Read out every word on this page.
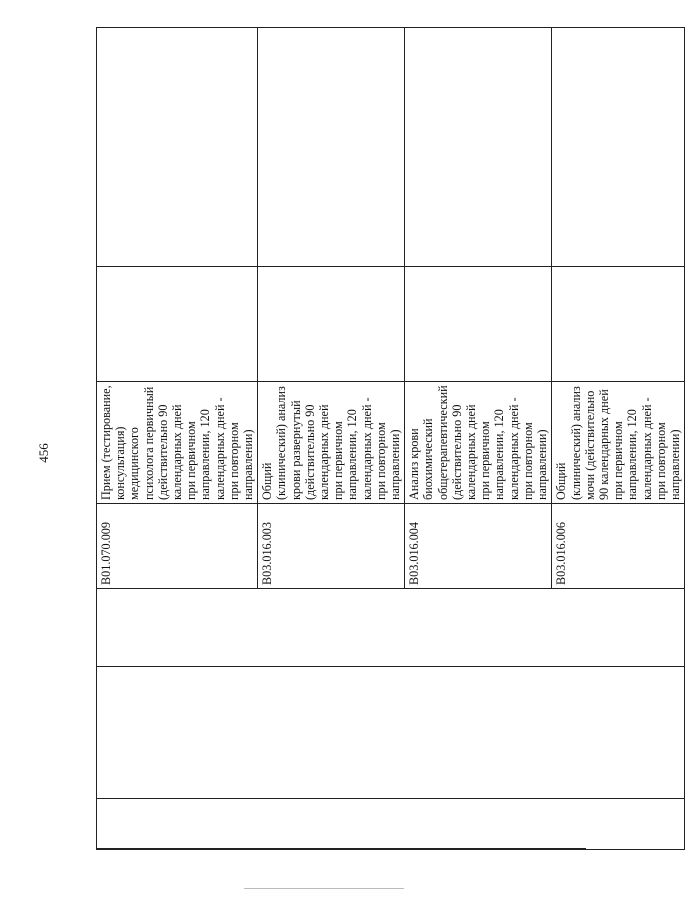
456

			B01.070.009	Прием (тестирование, консультация) медицинского психолога первичный (действительно 90 календарных дней при первичном направлении, 120 календарных дней - при повторном направлении)		

			B03.016.003	Общий (клинический) анализ крови развернутый (действительно 90 календарных дней при первичном направлении, 120 календарных дней - при повторном направлении)		

			B03.016.004	Анализ крови биохимический общетерапевтический (действительно 90 календарных дней при первичном направлении, 120 календарных дней - при повторном направлении)		

			B03.016.006	Общий (клинический) анализ мочи (действительно 90 календарных дней при первичном направлении, 120 календарных дней - при повторном направлении)		
